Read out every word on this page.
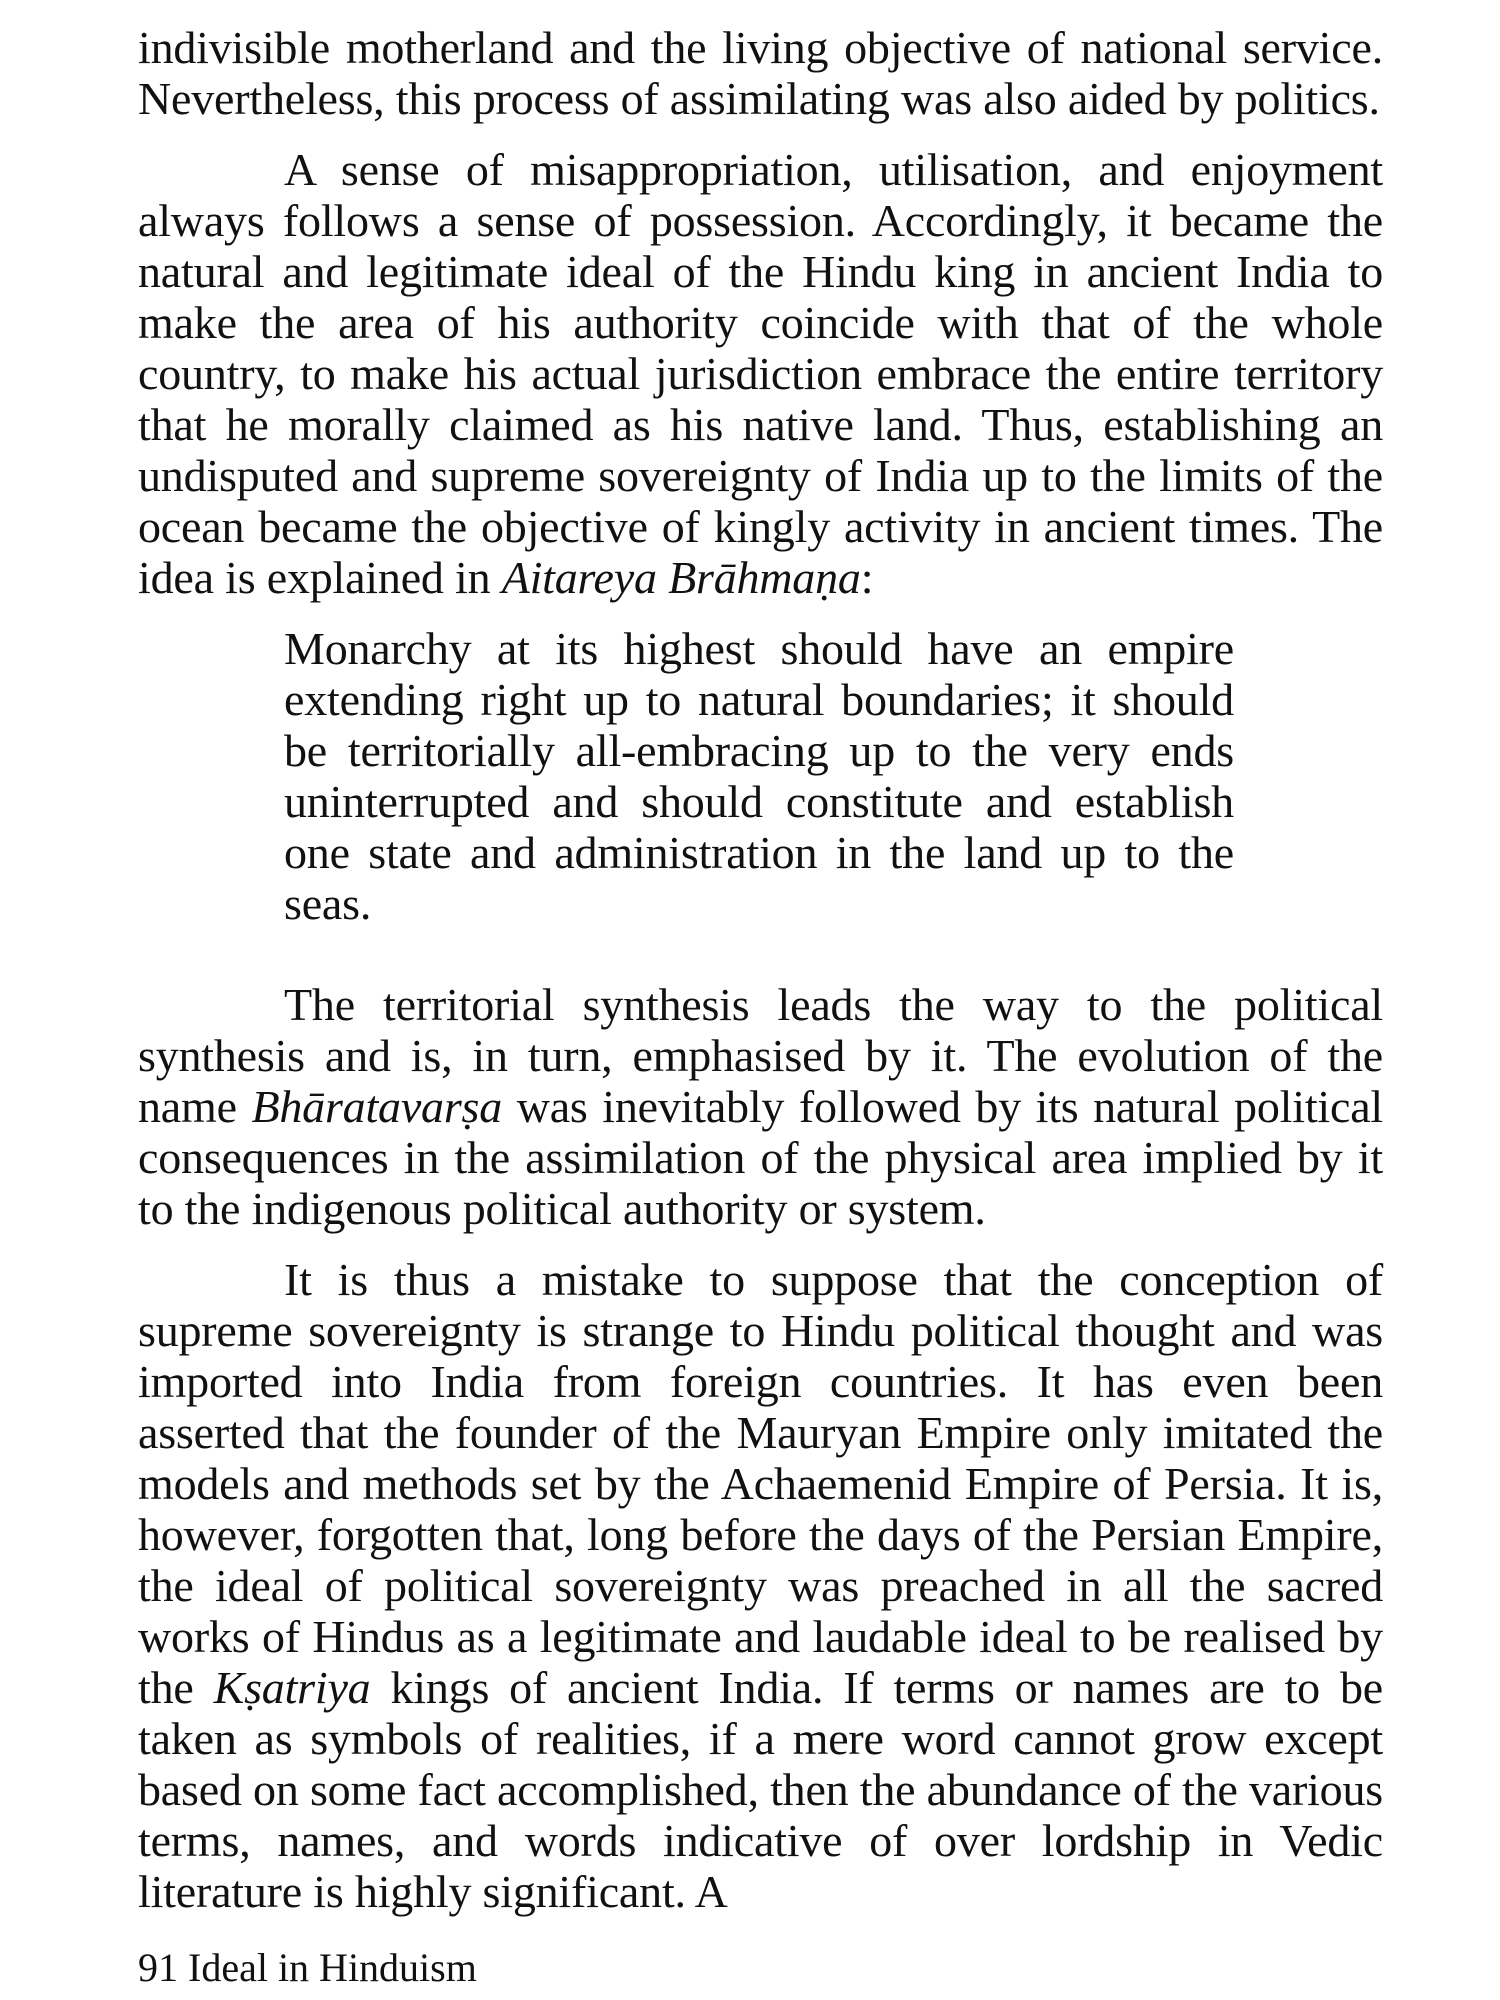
indivisible motherland and the living objective of national service. Nevertheless, this process of assimilating was also aided by politics.

A sense of misappropriation, utilisation, and enjoyment always follows a sense of possession. Accordingly, it became the natural and legitimate ideal of the Hindu king in ancient India to make the area of his authority coincide with that of the whole country, to make his actual jurisdiction embrace the entire territory that he morally claimed as his native land. Thus, establishing an undisputed and supreme sovereignty of India up to the limits of the ocean became the objective of kingly activity in ancient times. The idea is explained in Aitareya Brāhmaṇa:

Monarchy at its highest should have an empire extending right up to natural boundaries; it should be territorially all-embracing up to the very ends uninterrupted and should constitute and establish one state and administration in the land up to the seas.

The territorial synthesis leads the way to the political synthesis and is, in turn, emphasised by it. The evolution of the name Bhāratavarṣa was inevitably followed by its natural political consequences in the assimilation of the physical area implied by it to the indigenous political authority or system.

It is thus a mistake to suppose that the conception of supreme sovereignty is strange to Hindu political thought and was imported into India from foreign countries. It has even been asserted that the founder of the Mauryan Empire only imitated the models and methods set by the Achaemenid Empire of Persia. It is, however, forgotten that, long before the days of the Persian Empire, the ideal of political sovereignty was preached in all the sacred works of Hindus as a legitimate and laudable ideal to be realised by the Kṣatriya kings of ancient India. If terms or names are to be taken as symbols of realities, if a mere word cannot grow except based on some fact accomplished, then the abundance of the various terms, names, and words indicative of over lordship in Vedic literature is highly significant. A

91 Ideal in Hinduism
